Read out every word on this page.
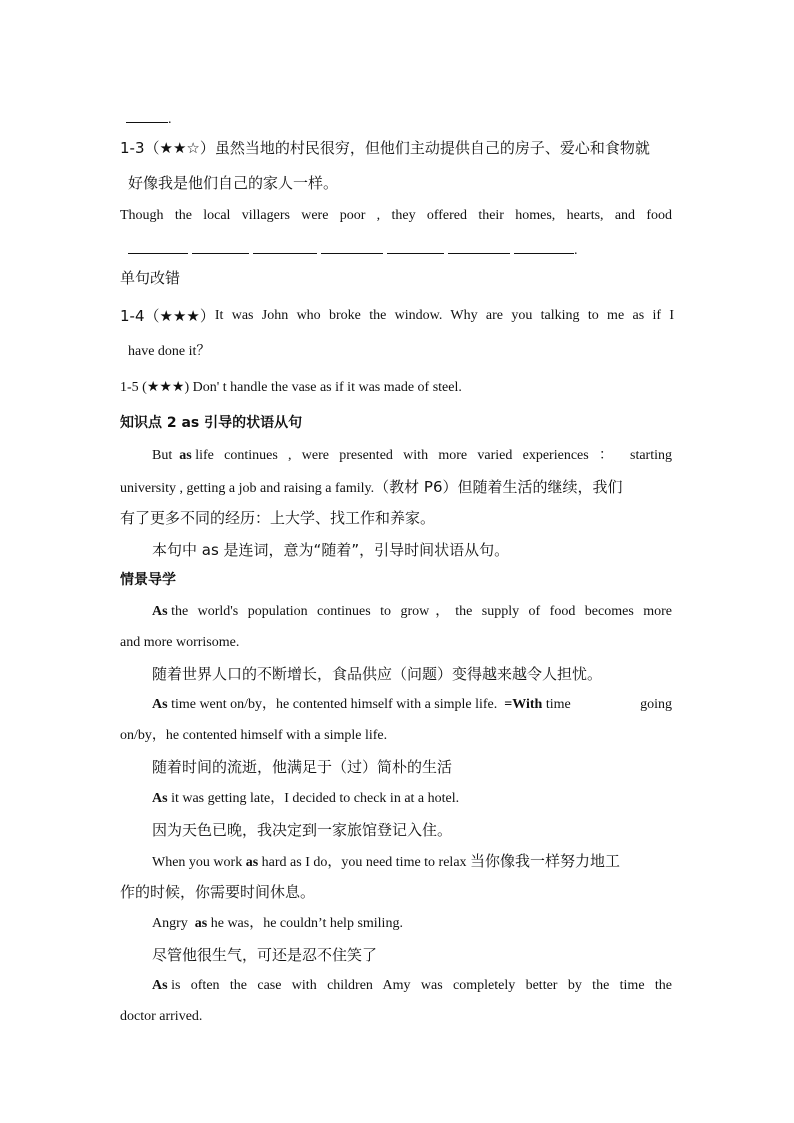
.
1-3（★★☆）虽然当地的村民很穷，但他们主动提供自己的房子、爱心和食物就
好像我是他们自己的家人一样。
Though the local villagers were poor , they offered their homes, hearts, and food
.
单句改错
1-4（★★★） It was John who broke the window. Why are you talking to me as if I
have done it？
1-5 (★★★) Don' t handle the vase as if it was made of steel.
知识点 2 as 引导的状语从句
But
as
life continues , were presented with more varied experiences ： starting
university , getting a job and raising a family.（教材 P6）但随着生活的继续，我们
有了更多不同的经历：上大学、找工作和养家。
本句中 as 是连词，意为“随着”，引导时间状语从句。
情景导学
As
the world's population continues to grow，the supply of food becomes more
and more worrisome.
随着世界人口的不断增长，食品供应（问题）变得越来越令人担忧。
As
time went on/by，he contented himself with a simple life.
=With
time going
on/by，he contented himself with a simple life.
随着时间的流逝，他满足于（过）简朴的生活
As it was getting late，I decided to check in at a hotel.
因为天色已晚，我决定到一家旅馆登记入住。
When you work as hard as I do，you need time to relax 当你像我一样努力地工
作的时候，你需要时间休息。
Angry as he was，he couldn’t help smiling.
尽管他很生气，可还是忍不住笑了
As
is often the case with children Amy was completely better by the time the
doctor arrived.
